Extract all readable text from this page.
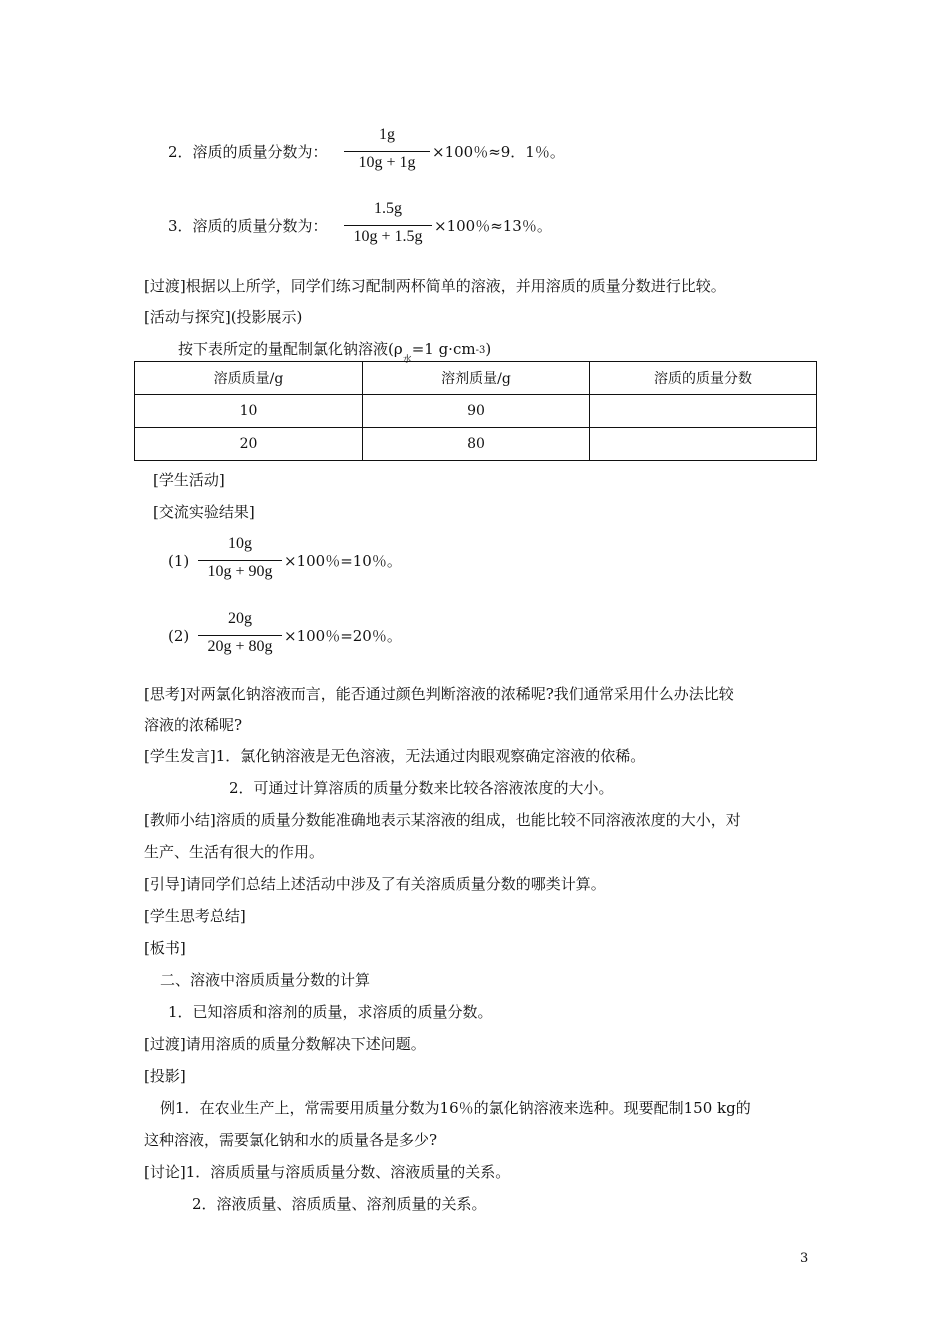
2．溶质的质量分数为：
1g
10g + 1g
×100％≈9．1％。
3．溶质的质量分数为：
1.5g
10g + 1.5g
×100％≈13％。
[过渡]根据以上所学，同学们练习配制两杯简单的溶液，并用溶质的质量分数进行比较。
[活动与探究](投影展示)
按下表所定的量配制氯化钠溶液($\rho_水=1$ g·cm-3)
溶质质量/g	溶剂质量/g	溶质的质量分数
10	90	
20	80	
[学生活动]
[交流实验结果]
(1)
10g
10g + 90g
×100％=10％。
(2)
20g
20g + 80g
×100％=20％。
[思考]对两氯化钠溶液而言，能否通过颜色判断溶液的浓稀呢?我们通常采用什么办法比较
溶液的浓稀呢?
[学生发言]1．氯化钠溶液是无色溶液，无法通过肉眼观察确定溶液的依稀。
2．可通过计算溶质的质量分数来比较各溶液浓度的大小。
[教师小结]溶质的质量分数能准确地表示某溶液的组成，也能比较不同溶液浓度的大小，对
生产、生活有很大的作用。
[引导]请同学们总结上述活动中涉及了有关溶质质量分数的哪类计算。
[学生思考总结]
[板书]
二、溶液中溶质质量分数的计算
1．已知溶质和溶剂的质量，求溶质的质量分数。
[过渡]请用溶质的质量分数解决下述问题。
[投影]
例1．在农业生产上，常需要用质量分数为16％的氯化钠溶液来选种。现要配制150 kg的
这种溶液，需要氯化钠和水的质量各是多少?
[讨论]1．溶质质量与溶质质量分数、溶液质量的关系。
2．溶液质量、溶质质量、溶剂质量的关系。
3
